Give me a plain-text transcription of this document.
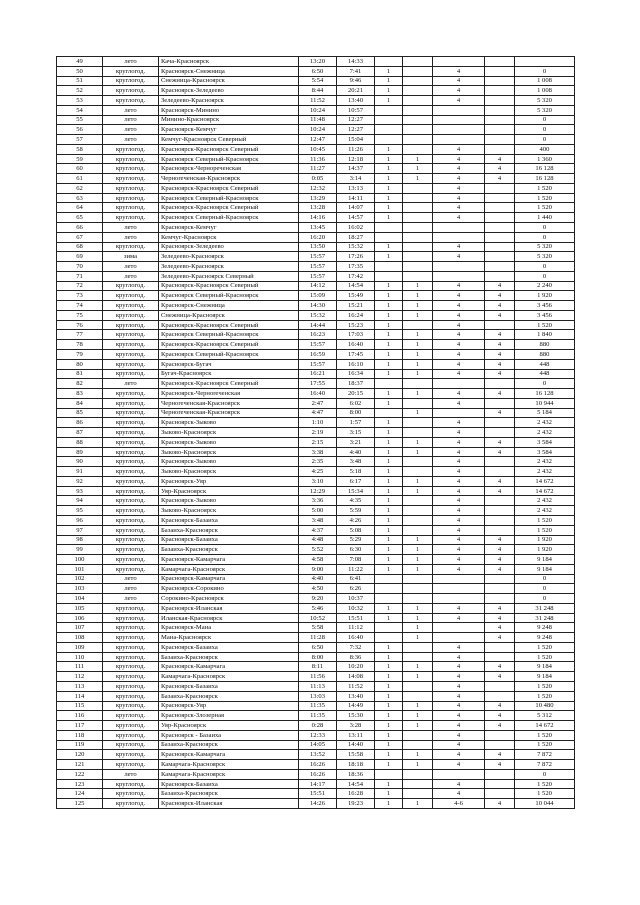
49	лето	Кача-Красноярск	13:20	14:33					
50	круглогод.	Красноярск-Снежница	6:50	7:41	1		4		0
51	круглогод.	Снежница-Красноярск	5:54	9:46	1		4		1 008
52	круглогод.	Красноярск-Зеледеево	8:44	20:21	1		4		1 008
53	круглогод.	Зеледеево-Красноярск	11:52	13:40	1		4		5 320
54	лето	Красноярск-Минино	10:24	10:57					5 320
55	лето	Минино-Красноярск	11:48	12:27					0
56	лето	Красноярск-Кемчуг	10:24	12:27					0
57	лето	Кемчуг-Красноярск Северный	12:47	15:04					0
58	круглогод.	Красноярск-Красноярск Северный	10:45	11:26	1		4		400
59	круглогод.	Красноярск Северный-Красноярск	11:36	12:18	1	1	4	4	1 360
60	круглогод.	Красноярск-Чернореченская	11:27	14:37	1	1	4	4	16 128
61	круглогод.	Черноreченская-Красноярск	0:05	3:14	1	1	4	4	16 128
62	круглогод.	Красноярск-Красноярск Северный	12:32	13:13	1		4		1 520
63	круглогод.	Красноярск Северный-Красноярск	13:29	14:11	1		4		1 520
64	круглогод.	Красноярск-Красноярск Северный	13:28	14:07	1		4		1 520
65	круглогод.	Красноярск Северный-Красноярск	14:16	14:57	1		4		1 440
66	лето	Красноярск-Кемчуг	13:45	16:02					0
67	лето	Кемчуг-Красноярск	16:20	18:27					0
68	круглогод.	Красноярск-Зеледеево	13:50	15:32	1		4		5 320
69	зима	Зеледеево-Красноярск	15:57	17:26	1		4		5 320
70	лето	Зеледеево-Красноярск	15:57	17:35					0
71	лето	Зеледеево-Красноярск Северный	15:57	17:42					0
72	круглогод.	Красноярск-Красноярск Северный	14:12	14:54	1	1	4	4	2 240
73	круглогод.	Красноярск Северный-Красноярск	15:09	15:49	1	1	4	4	1 920
74	круглогод.	Красноярск-Снежница	14:30	15:21	1	1	4	4	3 456
75	круглогод.	Снежница-Красноярск	15:32	16:24	1	1	4	4	3 456
76	круглогод.	Красноярск-Красноярск Северный	14:44	15:23	1		4		1 520
77	круглогод.	Красноярск Северный-Красноярск	16:23	17:03	1	1	4	4	1 840
78	круглогод.	Красноярск-Красноярск Северный	15:57	16:40	1	1	4	4	880
79	круглогод.	Красноярск Северный-Красноярск	16:59	17:45	1	1	4	4	880
80	круглогод.	Красноярск-Бугач	15:57	16:10	1	1	4	4	448
81	круглогод.	Бугач-Красноярск	16:21	16:34	1	1	4	4	448
82	лето	Красноярск-Красноярск Северный	17:55	18:37					0
83	круглогод.	Красноярск-Черноreченская	16:40	20:15	1	1	4	4	16 128
84	круглогод.	Черноreченская-Красноярск	2:47	6:02	1		4		10 944
85	круглогод.	Черноreченская-Красноярск	4:47	8:00		1		4	5 184
86	круглогод.	Красноярск-Зыково	1:10	1:57	1		4		2 432
87	круглогод.	Зыково-Красноярск	2:19	3:15	1		4		2 432
88	круглогод.	Красноярск-Зыково	2:15	3:21	1	1	4	4	3 584
89	круглогод.	Зыково-Красноярск	3:38	4:40	1	1	4	4	3 584
90	круглогод.	Красноярск-Зыково	2:35	3:48	1		4		2 432
91	круглогод.	Зыково-Красноярск	4:25	5:18	1		4		2 432
92	круглогод.	Красноярск-Уяр	3:10	6:17	1	1	4	4	14 672
93	круглогод.	Уяр-Красноярск	12:29	15:34	1	1	4	4	14 672
94	круглогод.	Красноярск-Зыково	3:36	4:35	1		4		2 432
95	круглогод.	Зыково-Красноярск	5:00	5:59	1		4		2 432
96	круглогод.	Красноярск-Базаиха	3:48	4:26	1		4		1 520
97	круглогод.	Базаиха-Красноярск	4:37	5:08	1		4		1 520
98	круглогод.	Красноярск-Базаиха	4:48	5:29	1	1	4	4	1 920
99	круглогод.	Базаиха-Красноярск	5:52	6:30	1	1	4	4	1 920
100	круглогод.	Красноярск-Камарчага	4:58	7:08	1	1	4	4	9 184
101	круглогод.	Камарчага-Красноярск	9:00	11:22	1	1	4	4	9 184
102	лето	Красноярск-Камарчага	4:40	6:41					0
103	лето	Красноярск-Сорокино	4:50	6:26					0
104	лето	Сорокино-Красноярск	9:20	10:37					0
105	круглогод.	Красноярск-Иланская	5:46	10:32	1	1	4	4	31 248
106	круглогод.	Иланская-Красноярск	10:52	15:51	1	1	4	4	31 248
107	круглогод.	Красноярск-Мана	5:58	11:12		1		4	9 248
108	круглогод.	Мана-Красноярск	11:28	16:40		1		4	9 248
109	круглогод.	Красноярск-Базаиха	6:50	7:32	1		4		1 520
110	круглогод.	Базаиха-Красноярск	8:00	8:36	1		4		1 520
111	круглогод.	Красноярск-Камарчага	8:11	10:20	1	1	4	4	9 184
112	круглогод.	Камарчага-Красноярск	11:56	14:08	1	1	4	4	9 184
113	круглогод.	Красноярск-Базаиха	11:13	11:52	1		4		1 520
114	круглогод.	Базаиха-Красноярск	13:03	13:40	1		4		1 520
115	круглогод.	Красноярск-Уяр	11:35	14:49	1	1	4	4	10 480
116	круглогод.	Красноярск-Злозерная	11:35	15:30	1	1	4	4	5 312
117	круглогод.	Уяр-Красноярск	0:28	3:28	1	1	4	4	14 672
118	круглогод.	Красноярск - Базаиха	12:33	13:11	1		4		1 520
119	круглогод.	Базаиха-Красноярск	14:05	14:40	1		4		1 520
120	круглогод.	Красноярск-Камарчага	13:52	15:58	1	1	4	4	7 872
121	круглогод.	Камарчага-Красноярск	16:26	18:18	1	1	4	4	7 872
122	лето	Камарчага-Красноярск	16:26	18:36					0
123	круглогод.	Красноярск-Базаиха	14:17	14:54	1		4		1 520
124	круглогод.	Базаиха-Красноярск	15:51	16:28	1		4		1 520
125	круглогод.	Красноярск-Иланская	14:26	19:23	1	1	4-6	4	10 044
